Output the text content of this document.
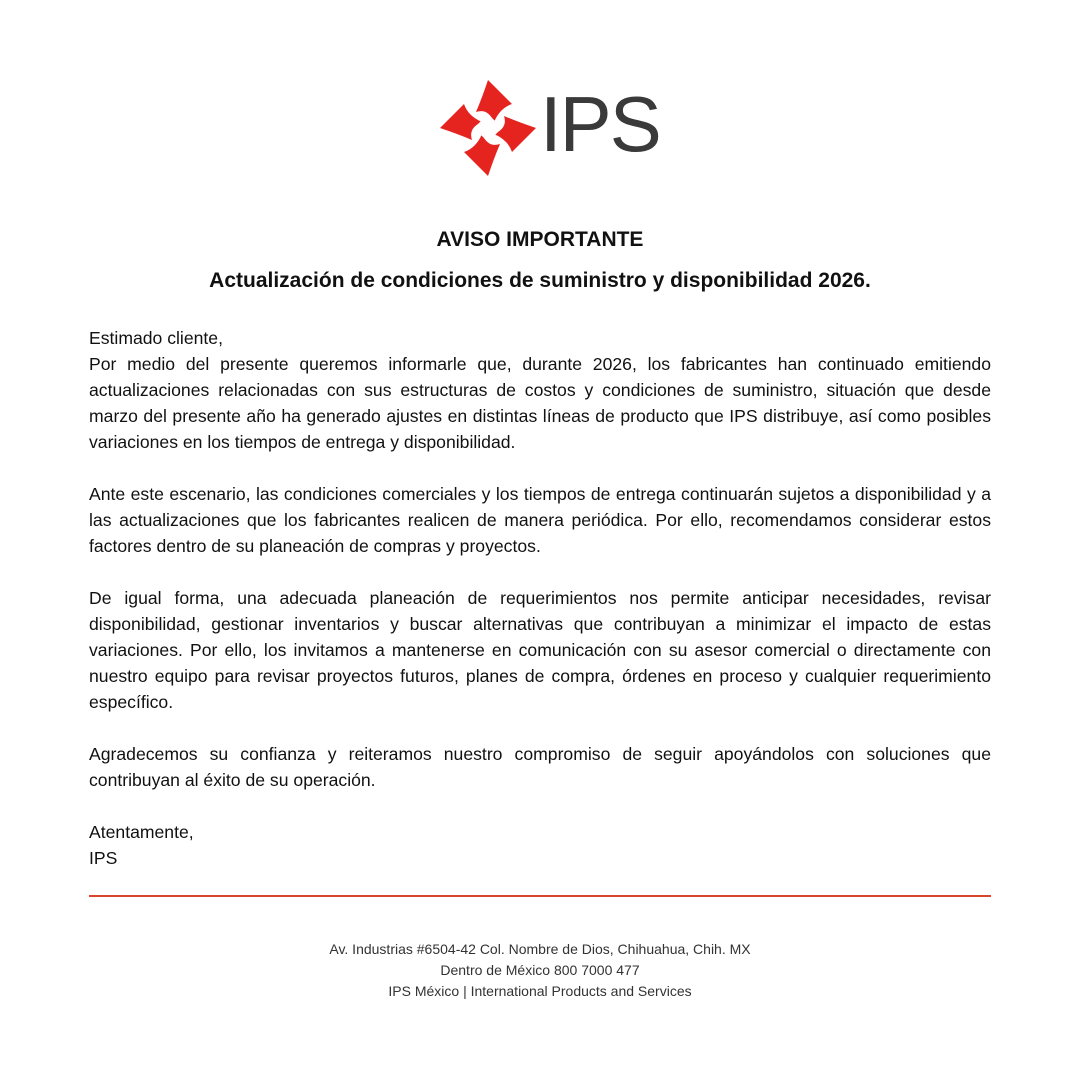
IPS
AVISO IMPORTANTE
Actualización de condiciones de suministro y disponibilidad 2026.

Estimado cliente,

Por medio del presente queremos informarle que, durante 2026, los fabricantes han continuado emitiendo actualizaciones relacionadas con sus estructuras de costos y condiciones de suministro, situación que desde marzo del presente año ha generado ajustes en distintas líneas de producto que IPS distribuye, así como posibles variaciones en los tiempos de entrega y disponibilidad.

Ante este escenario, las condiciones comerciales y los tiempos de entrega continuarán sujetos a disponibilidad y a las actualizaciones que los fabricantes realicen de manera periódica. Por ello, recomendamos considerar estos factores dentro de su planeación de compras y proyectos.

De igual forma, una adecuada planeación de requerimientos nos permite anticipar necesidades, revisar disponibilidad, gestionar inventarios y buscar alternativas que contribuyan a minimizar el impacto de estas variaciones. Por ello, los invitamos a mantenerse en comunicación con su asesor comercial o directamente con nuestro equipo para revisar proyectos futuros, planes de compra, órdenes en proceso y cualquier requerimiento específico.

Agradecemos su confianza y reiteramos nuestro compromiso de seguir apoyándolos con soluciones que contribuyan al éxito de su operación.

Atentamente,

IPS

Av. Industrias #6504-42 Col. Nombre de Dios, Chihuahua, Chih. MX
Dentro de México 800 7000 477
IPS México | International Products and Services
